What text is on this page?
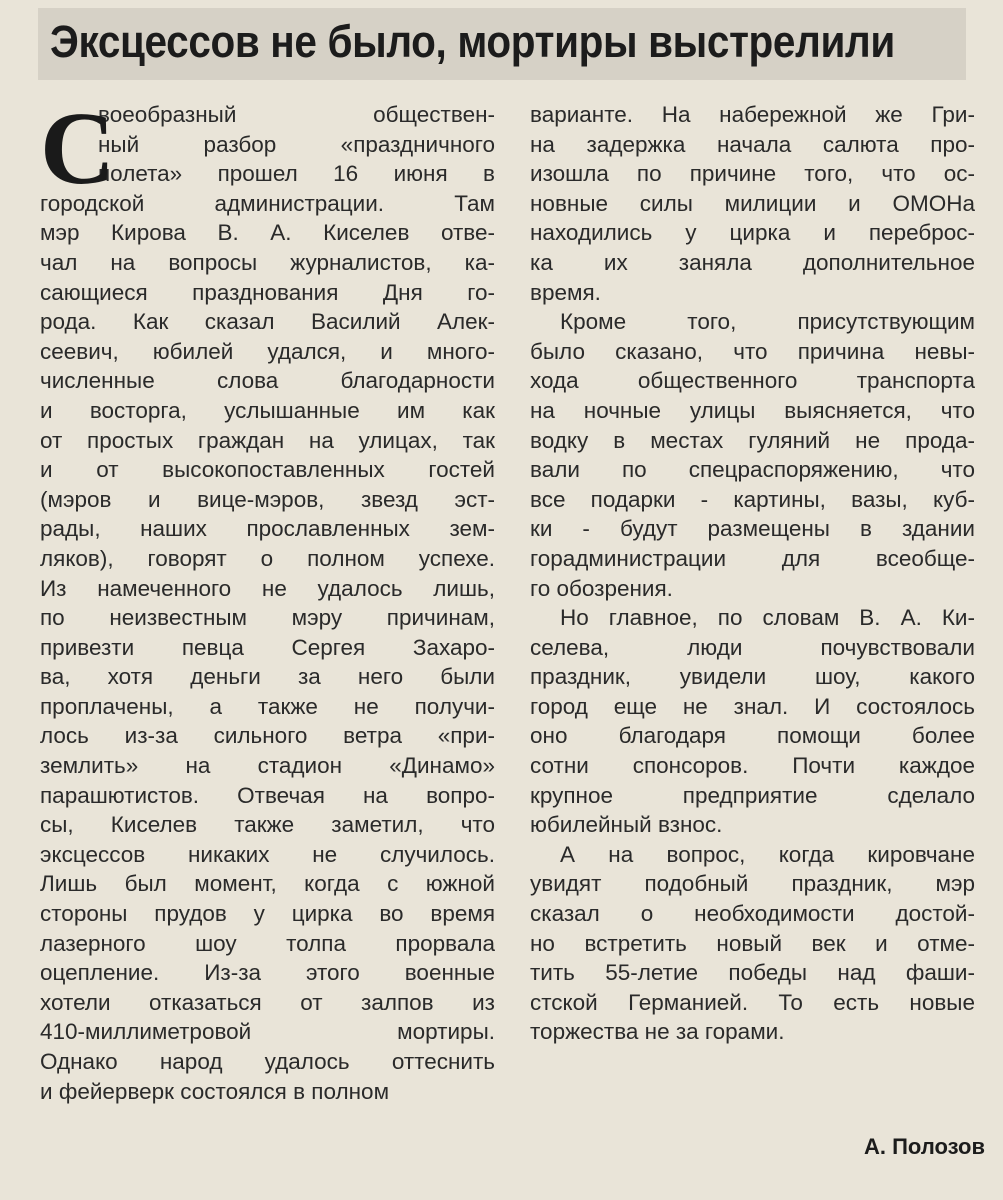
Эксцессов не было, мортиры выстрелили
С
воеобразный обществен-
ный разбор «праздничного
полета» прошел 16 июня в
городской администрации. Там
мэр Кирова В. А. Киселев отве-
чал на вопросы журналистов, ка-
сающиеся празднования Дня го-
рода. Как сказал Василий Алек-
сеевич, юбилей удался, и много-
численные слова благодарности
и восторга, услышанные им как
от простых граждан на улицах, так
и от высокопоставленных гостей
(мэров и вице-мэров, звезд эст-
рады, наших прославленных зем-
ляков), говорят о полном успехе.
Из намеченного не удалось лишь,
по неизвестным мэру причинам,
привезти певца Сергея Захаро-
ва, хотя деньги за него были
проплачены, а также не получи-
лось из-за сильного ветра «при-
землить» на стадион «Динамо»
парашютистов. Отвечая на вопро-
сы, Киселев также заметил, что
эксцессов никаких не случилось.
Лишь был момент, когда с южной
стороны прудов у цирка во время
лазерного шоу толпа прорвала
оцепление. Из-за этого военные
хотели отказаться от залпов из
410-миллиметровой мортиры.
Однако народ удалось оттеснить
и фейерверк состоялся в полном
варианте. На набережной же Гри-
на задержка начала салюта про-
изошла по причине того, что ос-
новные силы милиции и ОМОНа
находились у цирка и переброс-
ка их заняла дополнительное
время.
Кроме того, присутствующим
было сказано, что причина невы-
хода общественного транспорта
на ночные улицы выясняется, что
водку в местах гуляний не прода-
вали по спецраспоряжению, что
все подарки - картины, вазы, куб-
ки - будут размещены в здании
горадминистрации для всеобще-
го обозрения.
Но главное, по словам В. А. Ки-
селева, люди почувствовали
праздник, увидели шоу, какого
город еще не знал. И состоялось
оно благодаря помощи более
сотни спонсоров. Почти каждое
крупное предприятие сделало
юбилейный взнос.
А на вопрос, когда кировчане
увидят подобный праздник, мэр
сказал о необходимости достой-
но встретить новый век и отме-
тить 55-летие победы над фаши-
стской Германией. То есть новые
торжества не за горами.
А. Полозов
